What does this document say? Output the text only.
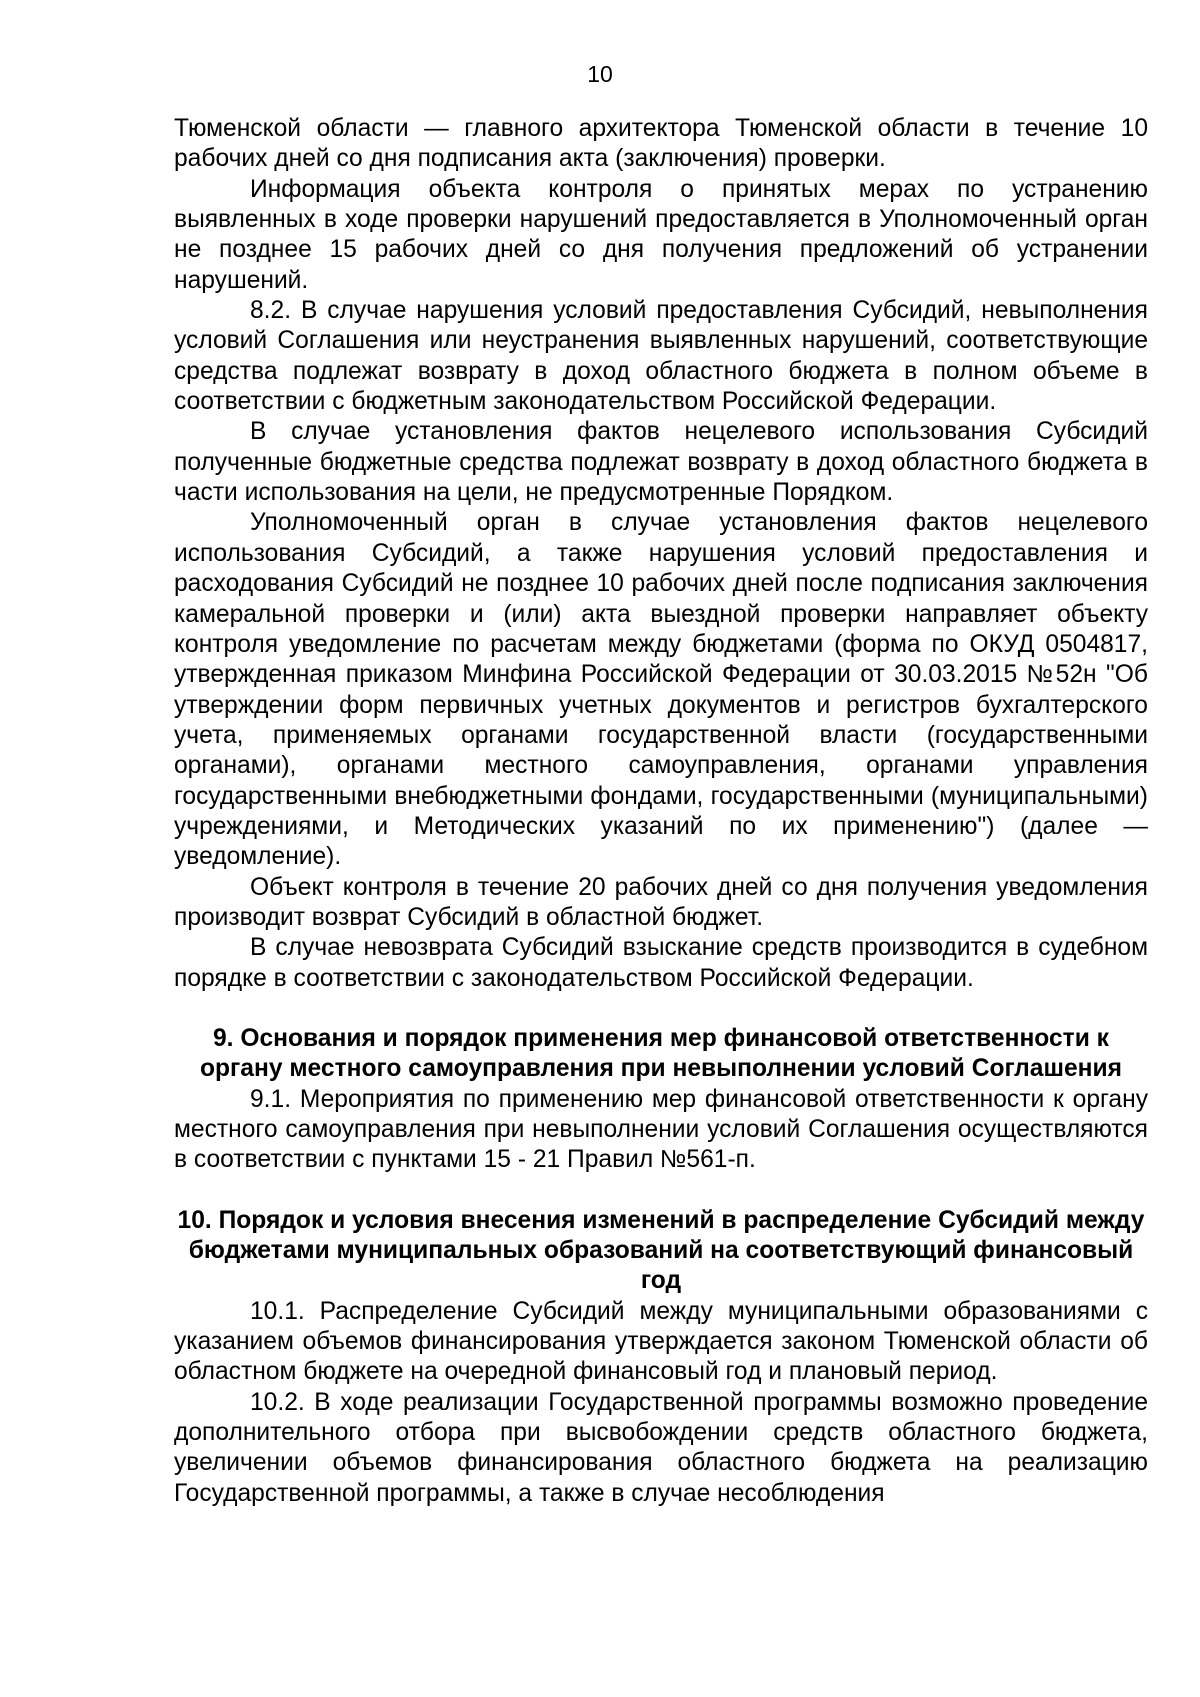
10

Тюменской области — главного архитектора Тюменской области в течение 10 рабочих дней со дня подписания акта (заключения) проверки.

Информация объекта контроля о принятых мерах по устранению выявленных в ходе проверки нарушений предоставляется в Уполномоченный орган не позднее 15 рабочих дней со дня получения предложений об устранении нарушений.

8.2. В случае нарушения условий предоставления Субсидий, невыполнения условий Соглашения или неустранения выявленных нарушений, соответствующие средства подлежат возврату в доход областного бюджета в полном объеме в соответствии с бюджетным законодательством Российской Федерации.

В случае установления фактов нецелевого использования Субсидий полученные бюджетные средства подлежат возврату в доход областного бюджета в части использования на цели, не предусмотренные Порядком.

Уполномоченный орган в случае установления фактов нецелевого использования Субсидий, а также нарушения условий предоставления и расходования Субсидий не позднее 10 рабочих дней после подписания заключения камеральной проверки и (или) акта выездной проверки направляет объекту контроля уведомление по расчетам между бюджетами (форма по ОКУД 0504817, утвержденная приказом Минфина Российской Федерации от 30.03.2015 №52н "Об утверждении форм первичных учетных документов и регистров бухгалтерского учета, применяемых органами государственной власти (государственными органами), органами местного самоуправления, органами управления государственными внебюджетными фондами, государственными (муниципальными) учреждениями, и Методических указаний по их применению") (далее — уведомление).

Объект контроля в течение 20 рабочих дней со дня получения уведомления производит возврат Субсидий в областной бюджет.

В случае невозврата Субсидий взыскание средств производится в судебном порядке в соответствии с законодательством Российской Федерации.

9. Основания и порядок применения мер финансовой ответственности к органу местного самоуправления при невыполнении условий Соглашения

9.1. Мероприятия по применению мер финансовой ответственности к органу местного самоуправления при невыполнении условий Соглашения осуществляются в соответствии с пунктами 15 - 21 Правил №561-п.

10. Порядок и условия внесения изменений в распределение Субсидий между бюджетами муниципальных образований на соответствующий финансовый год

10.1. Распределение Субсидий между муниципальными образованиями с указанием объемов финансирования утверждается законом Тюменской области об областном бюджете на очередной финансовый год и плановый период.

10.2. В ходе реализации Государственной программы возможно проведение дополнительного отбора при высвобождении средств областного бюджета, увеличении объемов финансирования областного бюджета на реализацию Государственной программы, а также в случае несоблюдения
